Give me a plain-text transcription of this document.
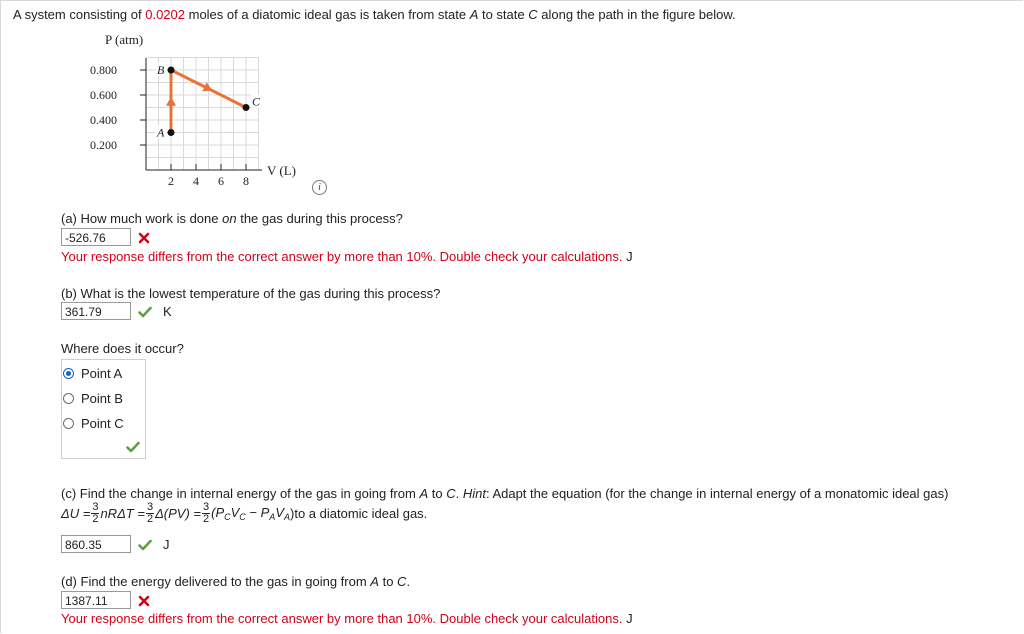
A system consisting of 0.0202 moles of a diatomic ideal gas is taken from state A to state C along the path in the figure below.
0.800
0.600
0.400
0.200
2 4 6 8
A
B
C
P (atm)
V (L)
i
(a) How much work is done on the gas during this process?
-526.76
Your response differs from the correct answer by more than 10%. Double check your calculations. J
(b) What is the lowest temperature of the gas during this process?
361.79	K
Where does it occur?
Point A
Point B
Point C
(c) Find the change in internal energy of the gas in going from A to C. Hint: Adapt the equation (for the change in internal energy of a monatomic ideal gas)
$\Delta U = \frac{3}{2}$ $nR\Delta T = \frac{3}{2} \Delta(PV) = \frac{3}{2} (P_CV_C - P_AV_A$ )to a diatomic ideal gas.
860.35	J
(d) Find the energy delivered to the gas in going from A to C.
1387.11
Your response differs from the correct answer by more than 10%. Double check your calculations. J
